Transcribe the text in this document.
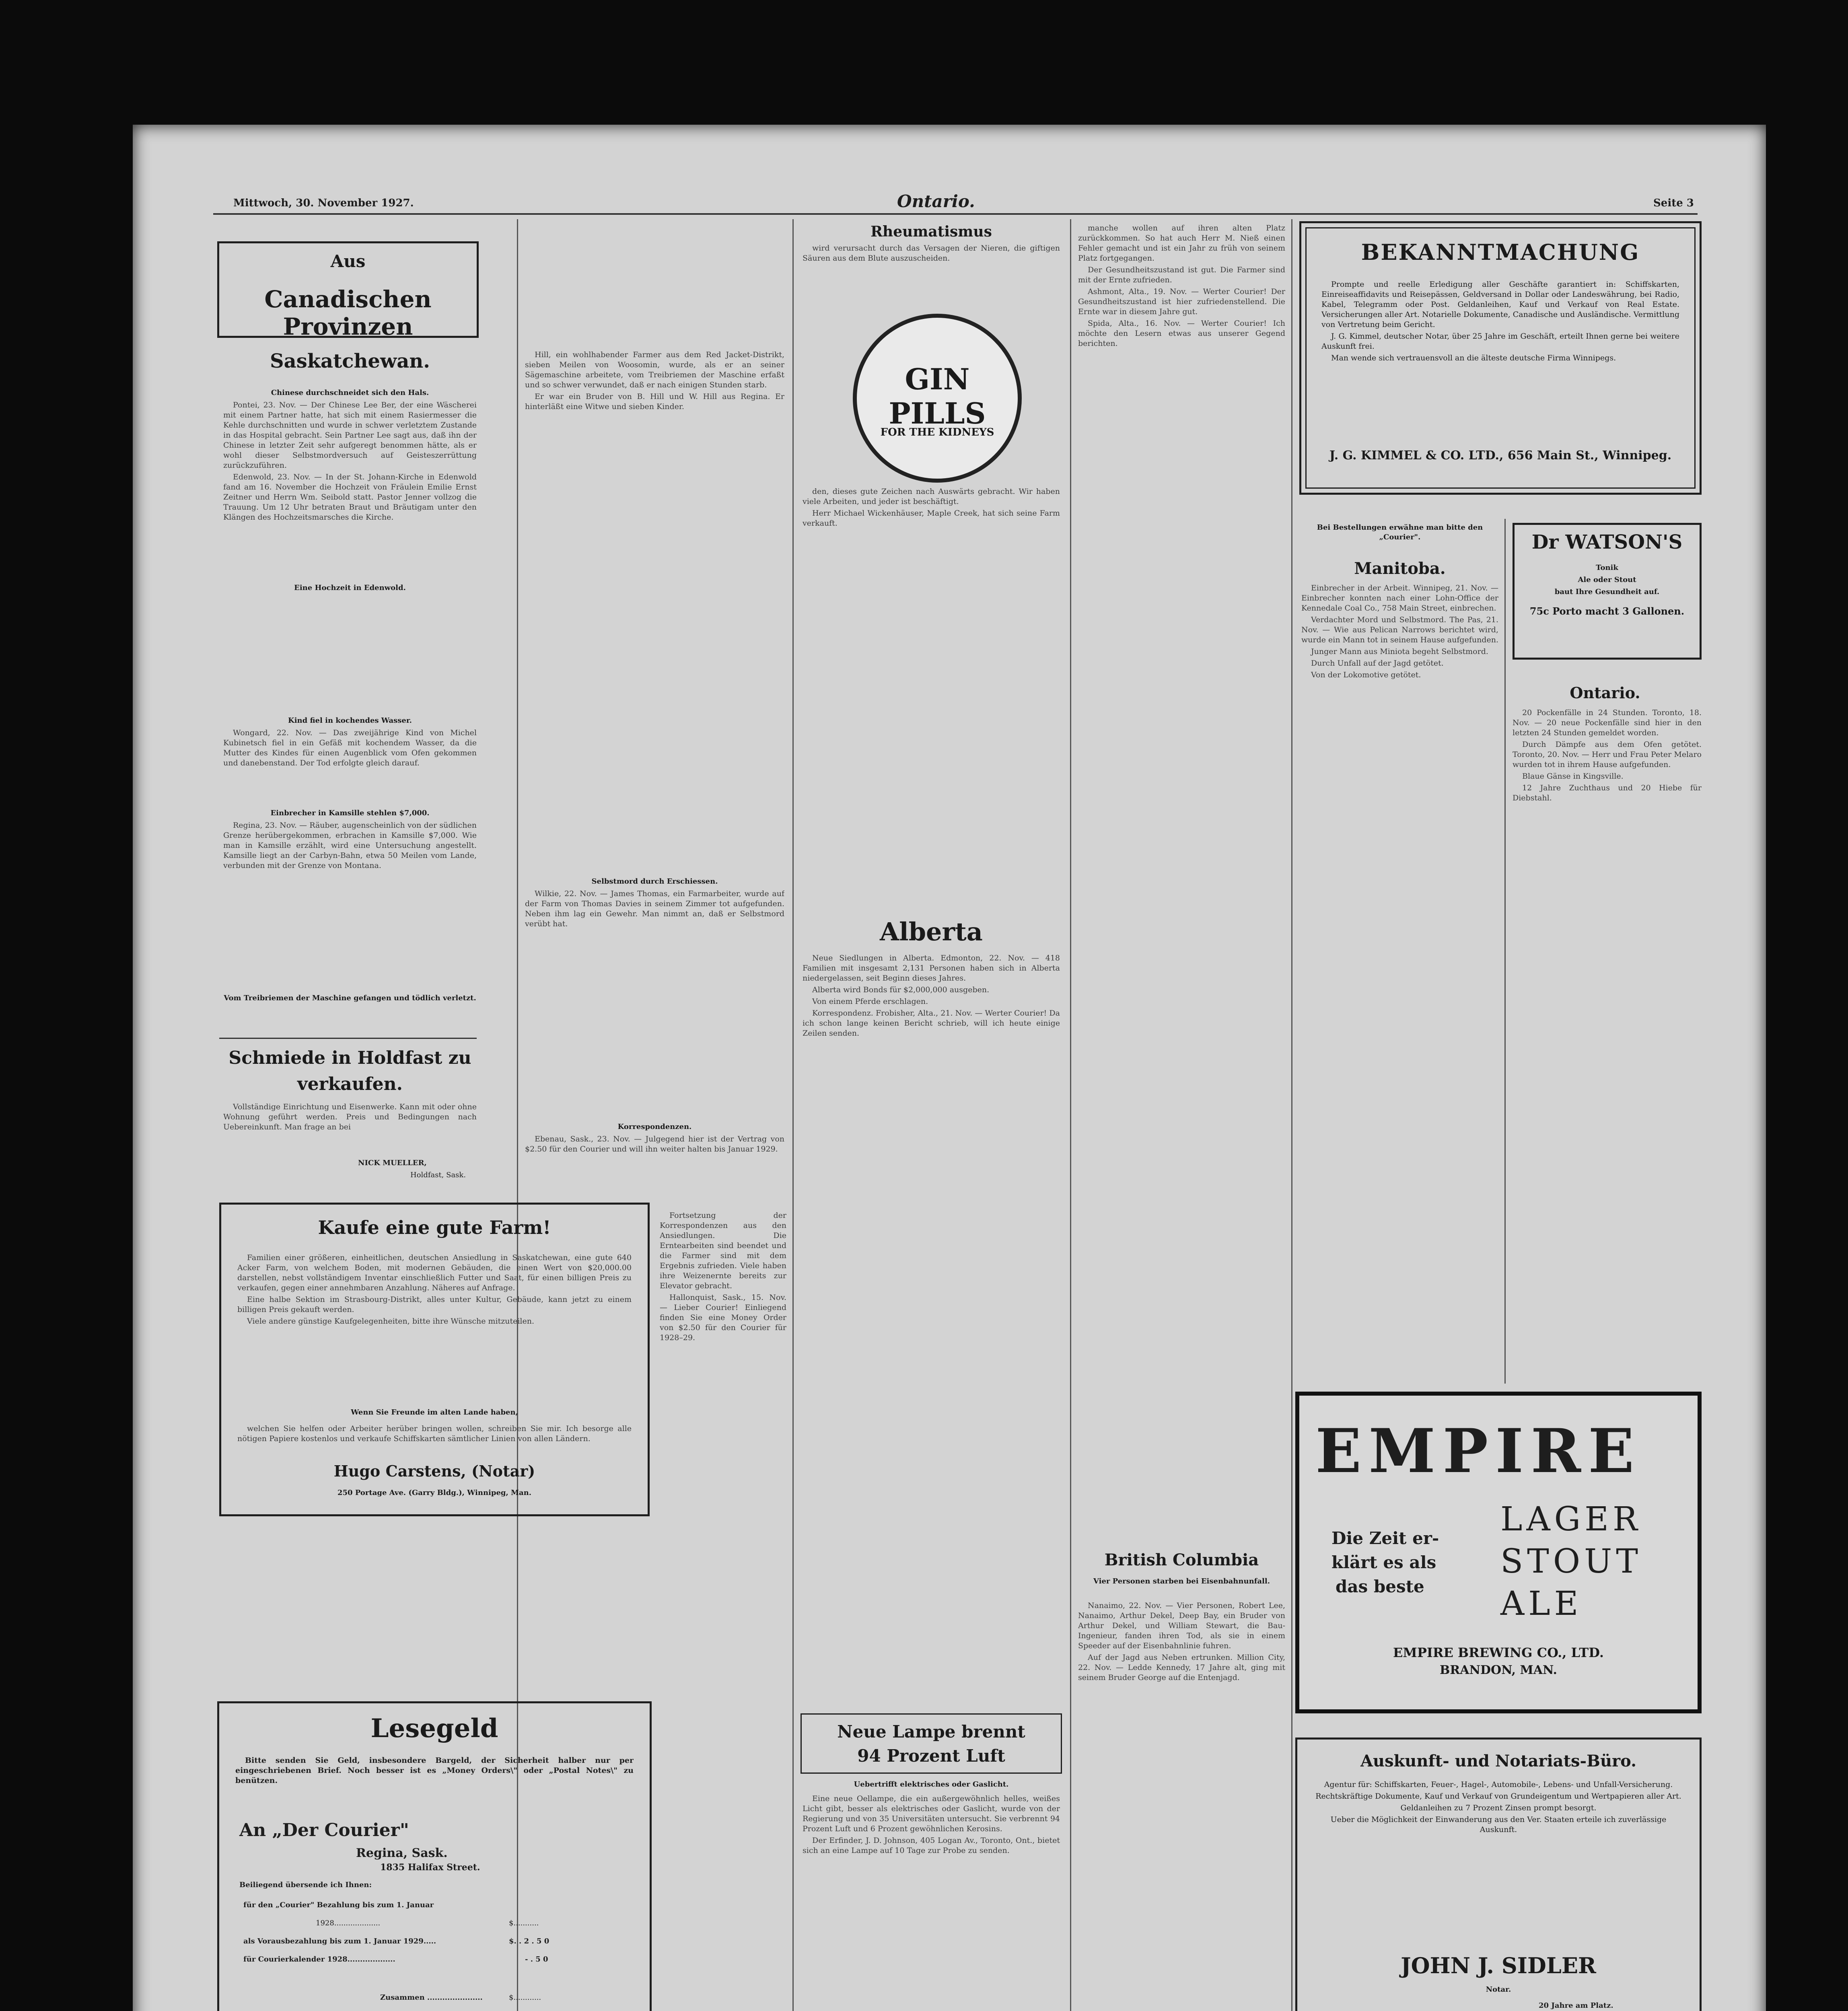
Mittwoch, 30. November 1927.	Ontario.	Seite 3
Aus
Canadischen Provinzen
Saskatchewan.
Chinese durchschneidet sich den Hals.

Pontei, 23. Nov. — Der Chinese Lee Ber, der eine Wäscherei mit einem Partner hatte, hat sich mit einem Rasiermesser die Kehle durchschnitten und wurde in schwer verletztem Zustande in das Hospital gebracht. Sein Partner Lee sagt aus, daß ihn der Chinese in letzter Zeit sehr aufgeregt benommen hätte, als er wohl dieser Selbstmordversuch auf Geisteszerrüttung zurückzuführen.

Edenwold, 23. Nov. — In der St. Johann-Kirche in Edenwold fand am 16. November die Hochzeit von Fräulein Emilie Ernst Zeitner und Herrn Wm. Seibold statt. Pastor Jenner vollzog die Trauung. Um 12 Uhr betraten Braut und Bräutigam unter den Klängen des Hochzeitsmarsches die Kirche.

Eine Hochzeit in Edenwold.
Kind fiel in kochendes Wasser.

Wongard, 22. Nov. — Das zweijährige Kind von Michel Kubinetsch fiel in ein Gefäß mit kochendem Wasser, da die Mutter des Kindes für einen Augenblick vom Ofen gekommen und danebenstand. Der Tod erfolgte gleich darauf.

Einbrecher in Kamsille stehlen $7,000.

Regina, 23. Nov. — Räuber, augenscheinlich von der südlichen Grenze herübergekommen, erbrachen in Kamsille $7,000. Wie man in Kamsille erzählt, wird eine Untersuchung angestellt. Kamsille liegt an der Carbyn-Bahn, etwa 50 Meilen vom Lande, verbunden mit der Grenze von Montana.

Vom Treibriemen der Maschine gefangen und tödlich verletzt.
Schmiede in Holdfast zu
verkaufen.

Vollständige Einrichtung und Eisenwerke. Kann mit oder ohne Wohnung geführt werden. Preis und Bedingungen nach Uebereinkunft. Man frage an bei

NICK MUELLER,
Holdfast, Sask.

Hill, ein wohlhabender Farmer aus dem Red Jacket-Distrikt, sieben Meilen von Woosomin, wurde, als er an seiner Sägemaschine arbeitete, vom Treibriemen der Maschine erfaßt und so schwer verwundet, daß er nach einigen Stunden starb.

Er war ein Bruder von B. Hill und W. Hill aus Regina. Er hinterläßt eine Witwe und sieben Kinder.

Selbstmord durch Erschiessen.

Wilkie, 22. Nov. — James Thomas, ein Farmarbeiter, wurde auf der Farm von Thomas Davies in seinem Zimmer tot aufgefunden. Neben ihm lag ein Gewehr. Man nimmt an, daß er Selbstmord verübt hat.

Korrespondenzen.

Ebenau, Sask., 23. Nov. — Julgegend hier ist der Vertrag von $2.50 für den Courier und will ihn weiter halten bis Januar 1929.

Kaufe eine gute Farm!

Familien einer größeren, einheitlichen, deutschen Ansiedlung in Saskatchewan, eine gute 640 Acker Farm, von welchem Boden, mit modernen Gebäuden, die einen Wert von $20,000.00 darstellen, nebst vollständigem Inventar einschließlich Futter und Saat, für einen billigen Preis zu verkaufen, gegen einer annehmbaren Anzahlung. Näheres auf Anfrage.

Eine halbe Sektion im Strasbourg-Distrikt, alles unter Kultur, Gebäude, kann jetzt zu einem billigen Preis gekauft werden.

Viele andere günstige Kaufgelegenheiten, bitte ihre Wünsche mitzuteilen.

Wenn Sie Freunde im alten Lande haben,

welchen Sie helfen oder Arbeiter herüber bringen wollen, schreiben Sie mir. Ich besorge alle nötigen Papiere kostenlos und verkaufe Schiffskarten sämtlicher Linien von allen Ländern.

Hugo Carstens, (Notar)
250 Portage Ave. (Garry Bldg.), Winnipeg, Man.
Lesegeld

Bitte senden Sie Geld, insbesondere Bargeld, der Sicherheit halber nur per eingeschriebenen Brief. Noch besser ist es „Money Orders\" oder „Postal Notes\" zu benützen.

An „Der Courier"
Regina, Sask.
1835 Halifax Street.
Beiliegend übersende ich Ihnen:
für den „Courier" Bezahlung bis zum 1. Januar
1928....................	$...........
als Vorausbezahlung bis zum 1. Januar 1929.....	$. . 2 . 5 0
für Courierkalender 1928...................	- . 5 0
Zusammen ......................	$............

Fortsetzung der Korrespondenzen aus den Ansiedlungen. Die Erntearbeiten sind beendet und die Farmer sind mit dem Ergebnis zufrieden. Viele haben ihre Weizenernte bereits zur Elevator gebracht.

Hallonquist, Sask., 15. Nov. — Lieber Courier! Einliegend finden Sie eine Money Order von $2.50 für den Courier für 1928–29.

Rheumatismus

wird verursacht durch das Versagen der Nieren, die giftigen Säuren aus dem Blute auszuscheiden.

GIN PILLS
FOR THE KIDNEYS

den, dieses gute Zeichen nach Auswärts gebracht. Wir haben viele Arbeiten, und jeder ist beschäftigt.

Herr Michael Wickenhäuser, Maple Creek, hat sich seine Farm verkauft.

Alberta

Neue Siedlungen in Alberta. Edmonton, 22. Nov. — 418 Familien mit insgesamt 2,131 Personen haben sich in Alberta niedergelassen, seit Beginn dieses Jahres.

Alberta wird Bonds für $2,000,000 ausgeben.

Von einem Pferde erschlagen.

Korrespondenz. Frobisher, Alta., 21. Nov. — Werter Courier! Da ich schon lange keinen Bericht schrieb, will ich heute einige Zeilen senden.

Neue Lampe brennt
94 Prozent Luft
Uebertrifft elektrisches oder Gaslicht.

Eine neue Oellampe, die ein außergewöhnlich helles, weißes Licht gibt, besser als elektrisches oder Gaslicht, wurde von der Regierung und von 35 Universitäten untersucht. Sie verbrennt 94 Prozent Luft und 6 Prozent gewöhnlichen Kerosins.

Der Erfinder, J. D. Johnson, 405 Logan Av., Toronto, Ont., bietet sich an eine Lampe auf 10 Tage zur Probe zu senden.

manche wollen auf ihren alten Platz zurückkommen. So hat auch Herr M. Nieß einen Fehler gemacht und ist ein Jahr zu früh von seinem Platz fortgegangen.

Der Gesundheitszustand ist gut. Die Farmer sind mit der Ernte zufrieden.

Ashmont, Alta., 19. Nov. — Werter Courier! Der Gesundheitszustand ist hier zufriedenstellend. Die Ernte war in diesem Jahre gut.

Spida, Alta., 16. Nov. — Werter Courier! Ich möchte den Lesern etwas aus unserer Gegend berichten.

British Columbia
Vier Personen starben bei Eisenbahnunfall.

Nanaimo, 22. Nov. — Vier Personen, Robert Lee, Nanaimo, Arthur Dekel, Deep Bay, ein Bruder von Arthur Dekel, und William Stewart, die Bau-Ingenieur, fanden ihren Tod, als sie in einem Speeder auf der Eisenbahnlinie fuhren.

Auf der Jagd aus Neben ertrunken. Million City, 22. Nov. — Ledde Kennedy, 17 Jahre alt, ging mit seinem Bruder George auf die Entenjagd.

BEKANNTMACHUNG

Prompte und reelle Erledigung aller Geschäfte garantiert in: Schiffskarten, Einreiseaffidavits und Reisepässen, Geldversand in Dollar oder Landeswährung, bei Radio, Kabel, Telegramm oder Post. Geldanleihen, Kauf und Verkauf von Real Estate. Versicherungen aller Art. Notarielle Dokumente, Canadische und Ausländische. Vermittlung von Vertretung beim Gericht.

J. G. Kimmel, deutscher Notar, über 25 Jahre im Geschäft, erteilt Ihnen gerne bei weitere Auskunft frei.

Man wende sich vertrauensvoll an die älteste deutsche Firma Winnipegs.

J. G. KIMMEL & CO. LTD., 656 Main St., Winnipeg.
Bei Bestellungen erwähne man bitte den „Courier".
Manitoba.

Einbrecher in der Arbeit. Winnipeg, 21. Nov. — Einbrecher konnten nach einer Lohn-Office der Kennedale Coal Co., 758 Main Street, einbrechen.

Verdachter Mord und Selbstmord. The Pas, 21. Nov. — Wie aus Pelican Narrows berichtet wird, wurde ein Mann tot in seinem Hause aufgefunden.

Junger Mann aus Miniota begeht Selbstmord.

Durch Unfall auf der Jagd getötet.

Von der Lokomotive getötet.

Dr WATSON'S
Tonik
Ale oder Stout
baut Ihre Gesundheit auf.
75c Porto macht 3 Gallonen.
Ontario.

20 Pockenfälle in 24 Stunden. Toronto, 18. Nov. — 20 neue Pockenfälle sind hier in den letzten 24 Stunden gemeldet worden.

Durch Dämpfe aus dem Ofen getötet. Toronto, 20. Nov. — Herr und Frau Peter Melaro wurden tot in ihrem Hause aufgefunden.

Blaue Gänse in Kingsville.

12 Jahre Zuchthaus und 20 Hiebe für Diebstahl.

EMPIRE
Die Zeit er-
klärt es als
das beste
LAGER
STOUT
ALE
EMPIRE BREWING CO., LTD.
BRANDON, MAN.
Auskunft- und Notariats-Büro.

Agentur für: Schiffskarten, Feuer-, Hagel-, Automobile-, Lebens- und Unfall-Versicherung.

Rechtskräftige Dokumente, Kauf und Verkauf von Grundeigentum und Wertpapieren aller Art.

Geldanleihen zu 7 Prozent Zinsen prompt besorgt.

Ueber die Möglichkeit der Einwanderung aus den Ver. Staaten erteile ich zuverlässige Auskunft.

JOHN J. SIDLER
Notar.
20 Jahre am Platz.
